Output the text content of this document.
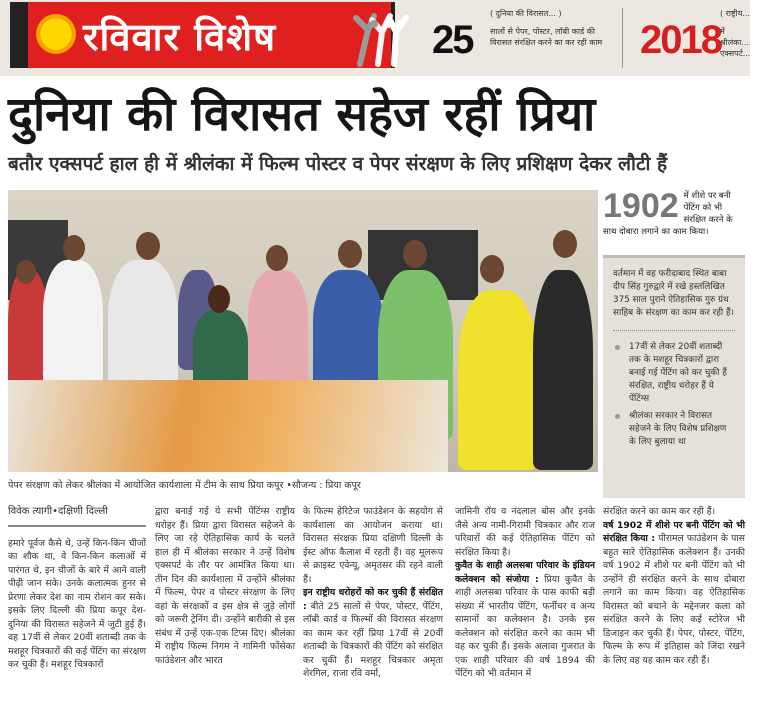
रविवार विशेष
( दुनिया की विरासत... )
25 सालों से पेपर, पोस्टर, लॉबी कार्ड की विरासत संरक्षित करने का कर रही काम
( राष्ट्रीय...
2018 में श्रीलंका... एक्सपर्ट...
दुनिया की विरासत सहेज रहीं प्रिया
बतौर एक्सपर्ट हाल ही में श्रीलंका में फिल्म पोस्टर व पेपर संरक्षण के लिए प्रशिक्षण देकर लौटी हैं
पेपर संरक्षण को लेकर श्रीलंका में आयोजित कार्यशाला में टीम के साथ प्रिया कपूर •सौजन्य : प्रिया कपूर
1902 में शीशे पर बनी पेंटिंग को भी संरक्षित करने के साथ दोबारा लगाने का काम किया।
वर्तमान में वह फरीदाबाद स्थित बाबा दीप सिंह गुरुद्वारे में रखे हस्तलिखित 375 साल पुराने ऐतिहासिक गुरु ग्रंथ साहिब के संरक्षण का काम कर रही हैं।
17वीं से लेकर 20वीं शताब्दी तक के मशहूर चित्रकारों द्वारा बनाई गई पेंटिंग को कर चुकी हैं संरक्षित, राष्ट्रीय धरोहर हैं ये पेंटिंग्स
श्रीलंका सरकार ने विरासत सहेजने के लिए विशेष प्रशिक्षण के लिए बुलाया था
विवेक त्यागी•दक्षिणी दिल्ली

हमारे पूर्वज कैसे थे, उन्हें किन-किन चीजों का शौक था, वे किन-किन कलाओं में पारंगत थे, इन चीजों के बारे में आने वाली पीढ़ी जान सके। उनके कलात्मक हुनर से प्रेरणा लेकर देश का नाम रोशन कर सके। इसके लिए दिल्ली की प्रिया कपूर देश-दुनिया की विरासत सहेजने में जुटी हुई हैं। वह 17वीं से लेकर 20वीं शताब्दी तक के मशहूर चित्रकारों की कई पेंटिंग का संरक्षण कर चुकी हैं। मशहूर चित्रकारों

द्वारा बनाई गई ये सभी पेंटिंग्स राष्ट्रीय धरोहर हैं। प्रिया द्वारा विरासत सहेजने के लिए जा रहे ऐतिहासिक कार्य के चलते हाल ही में श्रीलंका सरकार ने उन्हें विशेष एक्सपर्ट के तौर पर आमंत्रित किया था। तीन दिन की कार्यशाला में उन्होंने श्रीलंका में फिल्म, पेपर व पोस्टर संरक्षण के लिए वहां के संरक्षकों व इस क्षेत्र से जुड़े लोगों को जरूरी ट्रेनिंग दी। उन्होंने बारीकी से इस संबंध में उन्हें एक-एक टिप्स दिए। श्रीलंका में राष्ट्रीय फिल्म निगम ने गामिनी फोंसेका फाउंडेशन और भारत

के फिल्म हेरिटेज फाउंडेशन के सहयोग से कार्यशाला का आयोजन कराया था। विरासत संरक्षक प्रिया दक्षिणी दिल्ली के ईस्ट ऑफ कैलाश में रहती हैं। वह मूलरूप से क्राइस्ट एवेन्यू, अमृतसर की रहने वाली हैं।

इन राष्ट्रीय धरोहरों को कर चुकी हैं संरक्षित : बीते 25 सालों से पेपर, पोस्टर, पेंटिंग, लॉबी कार्ड व फिल्मों की विरासत संरक्षण का काम कर रहीं प्रिया 17वीं से 20वीं शताब्दी के चित्रकारों की पेंटिंग को संरक्षित कर चुकी हैं। मशहूर चित्रकार अमृता शेरगिल, राजा रवि वर्मा,

जामिनी रॉय व नंदलाल बोस और इनके जैसे अन्य नामी-गिरामी चित्रकार और राज परिवारों की कई ऐतिहासिक पेंटिंग को संरक्षित किया है।

कुवैत के शाही अलसबा परिवार के इंडियन कलेक्शन को संजोया : प्रिया कुवैत के शाही अलसबा परिवार के पास काफी बड़ी संख्या में भारतीय पेंटिंग, फर्नीचर व अन्य सामानों का कलेक्शन है। उनके इस कलेक्शन को संरक्षित करने का काम भी वह कर चुकी हैं। इसके अलावा गुजरात के एक शाही परिवार की वर्ष 1894 की पेंटिंग को भी वर्तमान में

संरक्षित करने का काम कर रही हैं।

वर्ष 1902 में शीशे पर बनी पेंटिंग को भी संरक्षित किया : पीरामल फाउंडेशन के पास बहुत सारे ऐतिहासिक कलेक्शन हैं। उनकी वर्ष 1902 में शीशे पर बनी पेंटिंग को भी उन्होंने ही संरक्षित करने के साथ दोबारा लगाने का काम किया। वह ऐतिहासिक विरासत को बचाने के मद्देनजर कला को संरक्षित करने के लिए कई स्टोरेज भी डिजाइन कर चुकी हैं। पेपर, पोस्टर, पेंटिंग, फिल्म के रूप में इतिहास को जिंदा रखने के लिए वह यह काम कर रही हैं।
